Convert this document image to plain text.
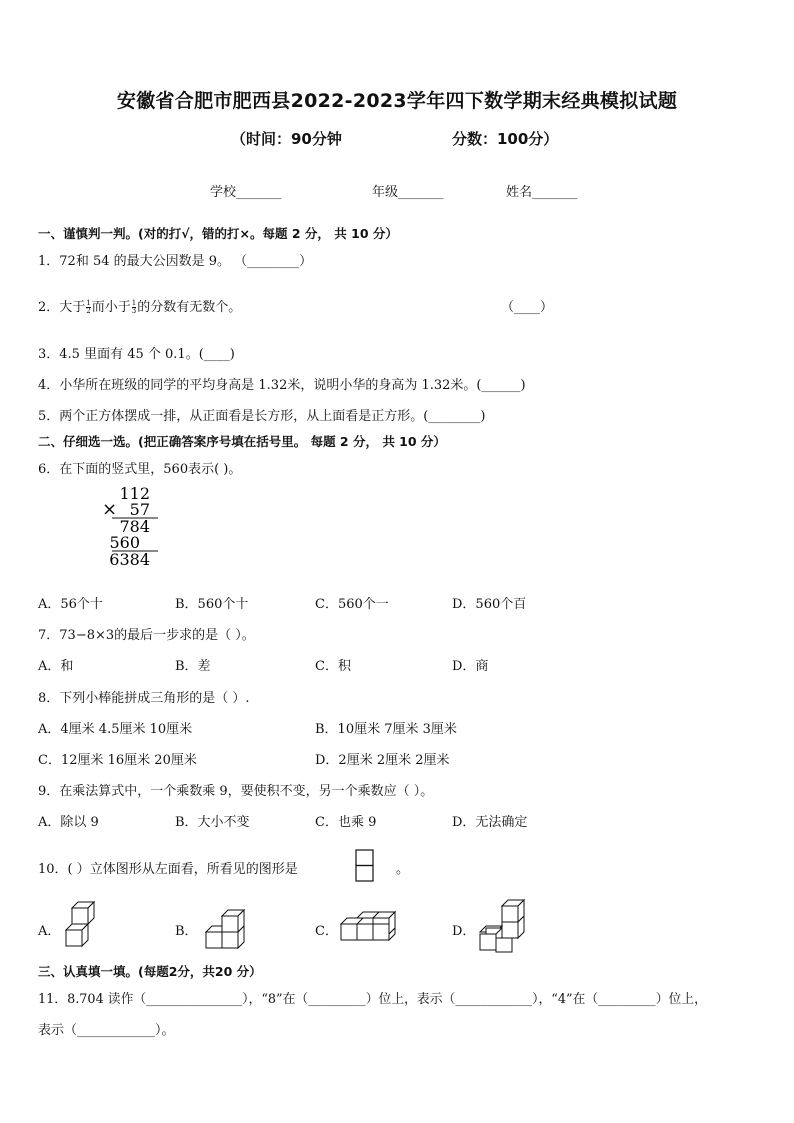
安徽省合肥市肥西县2022-2023学年四下数学期末经典模拟试题
（时间：90分钟	分数：100分）
学校_______	年级_______	姓名_______
一、谨慎判一判。(对的打√，错的打×。每题 2 分， 共 10 分）
1．72和 54 的最大公因数是 9。 （________）
2．大于 $\frac{1}{2}$ 而小于 $\frac{1}{3}$ 的分数有无数个。	（____）
3．4.5 里面有 45 个 0.1。(____)
4．小华所在班级的同学的平均身高是 1.32米，说明小华的身高为 1.32米。(______)
5．两个正方体摆成一排，从正面看是长方形，从上面看是正方形。(________)
二、仔细选一选。(把正确答案序号填在括号里。 每题 2 分， 共 10 分）
6．在下面的竖式里，560表示( )。
112
× 57
784
560
6384
A．56个十	B．560个十	C．560个一	D．560个百
7．73−8×3的最后一步求的是（ ）。
A．和	B．差	C．积	D．商
8．下列小棒能拼成三角形的是（ ）.
A．4厘米 4.5厘米 10厘米	B．10厘米 7厘米 3厘米
C．12厘米 16厘米 20厘米	D．2厘米 2厘米 2厘米
9．在乘法算式中，一个乘数乘 9，要使积不变，另一个乘数应（ ）。
A．除以 9	B．大小不变	C．也乘 9	D．无法确定
10．( ）立体图形从左面看，所看见的图形是	。
A．	B．	C．	D．
三、认真填一填。(每题2分，共20 分）
11．8.704 读作（_______________），“8”在（_________）位上，表示（____________），“4”在（_________）位上，
表示（____________）。
